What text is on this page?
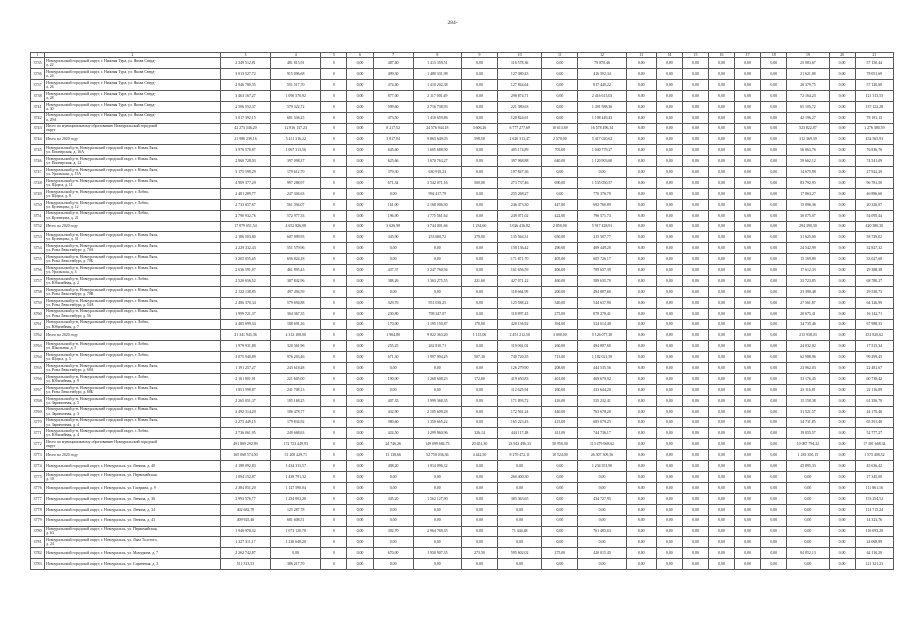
284-
1	2	3	4	5	6	7	8	9	10	11	12	13	14	15	16	17	18	19	20	21
3735	Новоуральский городской округ, г. Нижняя Тура, ул. Якова Сверд-
а, 22	2 349 512,81	481 815,91	0	0,00	487,40	1 413 359,51	0,00	116 578,36	0,00	79 870,46	0,00	0,00	0,00	0,00	0,00	0,00	25 083,67	0,00	57 150,44
3736	Новоуральский городской округ, г. Нижняя Тура, ул. Якова Сверд-
а, 24	3 013 527,72	915 096,68	0	0,00	499,30	1 480 331,98	0,00	127 380,43	0,00	416 502,34	0,00	0,00	0,00	0,00	0,00	0,00	21 621,80	0,00	78 051,69
3737	Новоуральский городской округ, г. Нижняя Тура, ул. Якова Сверд-
а, 26	2 946 780,35	551 517,70	0	0,00	474,40	1 410 202,38	0,00	127 844,64	0,00	817 440,22	0,00	0,00	0,00	0,00	0,00	0,00	26 379,75	0,00	57 120,60
3738	Новоуральский городской округ, г. Нижняя Тура, ул. Якова Сверд-
а, 28	3 463 167,27	1 090 570,92	0	0,00	877,00	2 117 001,49	0,00	298 874,71	0,00	2 416 615,03	0,00	0,00	0,00	0,00	0,00	0,00	72 164,23	0,00	121 315,55
3741	Новоуральский городской округ, г. Нижняя Тура, ул. Якова Сверд-
а, 30	2 506 552,37	579 322,72	0	0,00	599,60	2 716 738,93	0,00	221 380,63	0,00	1 491 588,36	0,00	0,00	0,00	0,00	0,00	0,00	65 105,72	0,00	137 122,28
3742	Новоуральский городской округ, г. Нижняя Тура, ул. Якова Сверд-
а, 29А	3 017 392,15	601 336,25	0	0,00	473,50	1 410 659,86	0,00	120 824,61	0,00	1 108 449,43	0,00	0,00	0,00	0,00	0,00	0,00	42 196,27	0,00	78 181,15
3743	Итого по муниципальному образованию Новоуральский городской
округ	42 273 546,20	12 816 137,23	0	0,00	8 217,52	24 576 944,18	3 606,26	6 777 277,69	10 613,69	16 578 496,34	0,00	0,00	0,00	0,00	0,00	0,00	523 822,87	0,00	1 276 380,59
3744	Итого по 2020 году	21 986 239,16	5 411 316,22	0	0,00	3 817,04	9 863 649,03	598,50	2 620 313,47	2 570,00	5 417 020,62	0,00	0,00	0,00	0,00	0,00	0,00	312 369,39	0,00	434 565,93
3745	Новоуральский р-н, Новоуральский городской округ, г. Новая Ляля,
ул. Пионерская, д. 16А	3 976 578,87	1 067 313,56	0	0,00	645,60	1 605 688,90	0,00	405 174,89	705,00	1 040 779,27	0,00	0,00	0,00	0,00	0,00	0,00	56 063,76	0,00	76 836,76
3746	Новоуральский р-н, Новоуральский городской округ, г. Новая Ляля,
ул. Пионерская, д. 12	2 860 728,03	397 098,37	0	0,00	625,66	1 670 763,27	0,00	397 968,88	640,00	1 120 903,60	0,00	0,00	0,00	0,00	0,00	0,00	59 662,12	0,00	74 541,09
3747	Новоуральский р-н, Новоуральский городской округ, г. Новая Ляля,
ул. Уральская, д. 15А	3 175 599,29	179 612,70	0	0,00	379,30	630 910,23	0,00	197 847,36	0,00	0,00	0,00	0,00	0,00	0,00	0,00	0,00	14 675,98	0,00	27 922,29
3748	Новоуральский р-н, Новоуральский городской округ, г. Новая Ляля,
ул. Щорса, д. 11	4 909 377,29	997 288,97	0	0,00	671,34	3 542 071,16	500,00	273 737,46	690,00	1 535 050,57	0,00	0,00	0,00	0,00	0,00	0,00	83 792,95	0,00	96 781,50
3749	Новоуральский р-н, Новоуральский городской округ, г. Лобва,
ул. Щорса, д. 9	2 481 289,77	247 304,63	0	0,00	0,00	994 417,79	0,00	255 268,27	0,00	770 376,70	0,00	0,00	0,00	0,00	0,00	0,00	17 863,27	0,00	46 886,60
3750	Новоуральский р-н, Новоуральский городской округ, г. Лобва,
ул. Кузнецова, д. 12	2 733 657,67	561 394,07	0	0,00	161,00	2 168 006,30	0,00	246 473,30	447,00	692 760,89	0,00	0,00	0,00	0,00	0,00	0,00	15 096,36	0,00	20 326,07
3751	Новоуральский р-н, Новоуральский городской округ, г. Лобва,
ул. Кузнецова, д. 21	2 790 932,76	572 977,33	0	0,00	196,90	1 775 561,64	0,00	249 071,02	422,00	796 571,74	0,00	0,00	0,00	0,00	0,00	0,00	30 075,07	0,00	54 095,44
3752	Итого по 2020 году	17 879 651,54	4 652 826,08	0	0,00	3 626,98	3 744 001,66	1 234,60	3 026 416,82	2 850,00	5 917 428,91	0,00	0,00	0,00	0,00	0,00	0,00	294 390,30	0,00	420 380,30
3753	Новоуральский р-н, Новоуральский городской округ, г. Новая Ляля,
ул. Кузнецова, д. 31	2 186 503,80	607 999,93	0	0,00	345,90	253 600,72	379,00	135 564,31	650,00	215 507,77	0,00	0,00	0,00	0,00	0,00	0,00	31 625,00	0,00	58 729,02
3754	Новоуральский р-н, Новоуральский городской округ, г. Новая Ляля,
ул. Розы Люксембург, д. 70А	2 229 332,43	551 579,96	0	0,00	0,00	0,00	0,00	158 136,42	290,00	469 449,20	0,00	0,00	0,00	0,00	0,00	0,00	24 542,99	0,00	32 827,32
3755	Новоуральский р-н, Новоуральский городской округ, г. Новая Ляля,
ул. Розы Люксембург, д. 70Б	3 205 055,65	656 824,18	0	0,00	0,00	0,00	0,00	171 871,70	405,00	605 726,17	0,00	0,00	0,00	0,00	0,00	0,00	15 169,80	0,00	33 027,68
3756	Новоуральский р-н, Новоуральский городской округ, г. Новая Ляля,
ул. Уральская, д. 3	2 636 591,97	461 895,43	0	0,00	437,37	3 247 760,94	0,00	161 656,59	406,00	789 657,39	0,00	0,00	0,00	0,00	0,00	0,00	17 612,33	0,00	29 388,38
3757	Новоуральский р-н, Новоуральский городской округ, г. Лобва,
ул. Юбилейная, д. 2	2 526 656,52	387 842,96	0	0,00	388,26	1 363 275,55	221,60	427 071,22	460,00	589 635,70	0,00	0,00	0,00	0,00	0,00	0,00	33 723,85	0,00	68 780,27
3758	Новоуральский р-н, Новоуральский городской округ, г. Новая Ляля,
ул. Розы Люксембург, д. 70В	2 122 138,85	497 494,59	0	0,00	0,00	0,00	0,00	118 664,99	200,00	494 887,60	0,00	0,00	0,00	0,00	0,00	0,00	23 398,48	0,00	29 530,73
3759	Новоуральский р-н, Новоуральский городской округ, г. Новая Ляля,
ул. Розы Люксембург, д. 54А	2 406 370,34	579 694,88	0	0,00	329,76	951 038,25	0,00	125 588,22	340,00	544 637,90	0,00	0,00	0,00	0,00	0,00	0,00	27 561,87	0,00	64 126,99
3760	Новоуральский р-н, Новоуральский городской округ, г. Новая Ляля,
ул. Розы Люксембург, д. 56	1 999 721,37	304 367,35	0	0,00	230,80	798 247,07	0,00	118 897,45	275,00	878 278,41	0,00	0,00	0,00	0,00	0,00	0,00	20 675,41	0,00	16 142,71
3761	Новоуральский р-н, Новоуральский городской округ, г. Лобва,
ул. Юбилейная, д. 7	2 485 699,34	188 691,26	0	0,00	170,00	1 195 150,87	170,00	420 136,92	394,00	524 014,48	0,00	0,00	0,00	0,00	0,00	0,00	34 735,46	0,00	67 988,33
3762	Итого по 2020 году	21 341 945,36	4 312 108,00	0	0,00	1 964,80	9 822 363,20	1 115,06	2 451 212,50	3 000,00	5 126 077,30	0,00	0,00	0,00	0,00	0,00	0,00	213 938,03	0,00	431 820,62
3763	Новоуральский р-н, Новоуральский городской округ, г. Лобва,
ул. Школьная, д. 5	1 979 931,80	320 361,96	0	0,00	255,25	262 810,71	0,00	119 061,02	260,00	494 887,60	0,00	0,00	0,00	0,00	0,00	0,00	24 032,02	0,00	17 515,34
3764	Новоуральский р-н, Новоуральский городской округ, г. Лобва,
ул. Щорса, д. 5	3 075 940,89	976 203,46	0	0,00	671,30	1 997 994,25	507,30	740 720,35	713,00	1 182 021,59	0,00	0,00	0,00	0,00	0,00	0,00	62 988,96	0,00	99 299,45
3765	Новоуральский р-н, Новоуральский городской округ, г. Новая Ляля,
ул. Розы Люксембург, д. 68А	1 191 257,27	243 618,48	0	0,00	0,00	0,00	0,00	126 279,90	208,00	444 535,56	0,00	0,00	0,00	0,00	0,00	0,00	23 962,03	0,00	22 481,67
3766	Новоуральский р-н, Новоуральский городской округ, г. Лобва,
ул. Юбилейная, д. 9	2 161 001,91	221 605,00	0	0,00	190,00	1 268 608,23	172,00	419 650,83	401,00	469 670,92	0,00	0,00	0,00	0,00	0,00	0,00	33 176,45	0,00	60 738,42
3767	Новоуральский р-н, Новоуральский городской округ, г. Новая Ляля,
ул. Розы Люксембург, д. 68Б	1 851 598,87	241 708,13	0	0,00	0,00	0,00	0,00	112 625,94	260,00	433 644,20	0,00	0,00	0,00	0,00	0,00	0,00	23 116,81	0,00	22 116,89
3768	Новоуральский р-н, Новоуральский городской округ, г. Новая Ляля,
ул. Зариничная, д. 5	2 265 051,37	185 168,25	0	0,00	407,35	1 999 368,35	0,00	171 893,72	416,00	535 232,41	0,00	0,00	0,00	0,00	0,00	0,00	15 158,38	0,00	61 356,70
3769	Новоуральский р-н, Новоуральский городской округ, г. Новая Ляля,
ул. Зариничная, д. 3	2 492 314,29	186 478,77	0	0,00	432,90	2 105 609,28	0,00	172 561,24	440,00	763 678,20	0,00	0,00	0,00	0,00	0,00	0,00	31 521,57	0,00	44 170,46
3770	Новоуральский р-н, Новоуральский городской округ, г. Новая Ляля,
ул. Зариничная, д. 4	2 275 449,15	179 834,92	0	0,00	380,60	1 350 665,22	0,00	165 223,43	415,00	685 079,25	0,00	0,00	0,00	0,00	0,00	0,00	34 731,85	0,00	65 591,40
3771	Новоуральский р-н, Новоуральский городской округ, г. Лобва,
ул. Юбилейная, д. 4	2 736 061,95	249 668,63	0	0,00	424,50	1 299 860,96	326,14	444 117,48	411,00	744 736,17	0,00	0,00	0,00	0,00	0,00	0,00	19 055,57	0,00	52 777,27
3772	Итого по муниципальному образованию Новоуральский городской
округ	491 869 292,99	172 723 449,93	0	0,00	24 746,26	149 099 684,73	20 651,30	23 943 496,33	50 950,30	113 479 068,62	0,00	0,00	0,00	0,00	0,00	0,00	10 087 794,22	0,00	17 301 668,34
3773	Итого по 2020 году	165 068 574,50	51 200 229,71	0	0,00	13 138,66	52 750 036,36	4 442,50	8 270 472,11	18 524,00	26 307 309,56	0,00	0,00	0,00	0,00	0,00	0,00	1 281 350,15	0,00	1 573 408,32
3774	Новоуральский городской округ, г. Новоуральск, ул. Ленина, д. 40	4 188 092,83	1 434 313,57	0	0,00	498,20	1 814 096,32	0,00	0,00	0,00	1 234 351,90	0,00	0,00	0,00	0,00	0,00	0,00	45 895,33	0,00	45 636,42
3775	Новоуральский городской округ, г. Новоуральск, ул. Первомайская,
д. 10	1 094 152,87	1 439 791,32	0	0,00	0,00	0,00	0,00	260 400,30	0,00	0,00	0,00	0,00	0,00	0,00	0,00	0,00	0,00	0,00	27 345,00
3776	Новоуральский городской округ, г. Новоуральск, ул. Гагарина, д. 9	2 384 051,20	1 127 590,04	0	0,00	0,00	0,00	0,00	0,00	0,00	0,00	0,00	0,00	0,00	0,00	0,00	0,00	0,00	0,00	111 861,16
3777	Новоуральский городской округ, г. Новоуральск, ул. Ленина, д. 36	3 993 576,77	1 234 003,20	0	0,00	345,20	1 562 127,90	0,00	385 363,65	0,00	434 727,95	0,00	0,00	0,00	0,00	0,00	0,00	0,00	0,00	153 254,52
3778	Новоуральский городской округ, г. Новоуральск, ул. Ленина, д. 34	402 682,70	125 287,78	0	0,00	0,00	0,00	0,00	0,00	0,00	0,00	0,00	0,00	0,00	0,00	0,00	0,00	0,00	0,00	114 715,24
3779	Новоуральский городской округ, г. Новоуральск, ул. Ленина, д. 43	409 925,46	681 608,51	0	0,00	0,00	0,00	0,00	0,00	0,00	0,00	0,00	0,00	0,00	0,00	0,00	0,00	0,00	0,00	14 323,76
3780	Новоуральский городской округ, г. Новоуральск, ул. Первомайская,
д. 63	1 940 970,32	1 073 120,78	0	0,00	392,70	2 964 769,35	0,00	71 444,48	0,00	761 485,63	0,00	0,00	0,00	0,00	0,00	0,00	0,00	0,00	116 093,20
3781	Новоуральский городской округ, г. Новоуральск, ул. Льва Толстого,
д. 24	1 227 311,17	1 230 648,20	0	0,00	0,00	0,00	0,00	0,00	0,00	0,00	0,00	0,00	0,00	0,00	0,00	0,00	0,00	0,00	24 068,89
3782	Новоуральский городской округ, г. Новоуральск, ул. Мичурина, д. 7	2 262 742,87	0,00	0	0,00	670,00	1 950 907,35	273,50	595 602,02	275,00	420 015,45	0,00	0,00	0,00	0,00	0,00	0,00	84 052,13	0,00	62 116,20
3783	Новоуральский городской округ, г. Новоуральск, ул. Сиреневая, д. 3	511 313,53	386 217,70	0	0,00	0,00	0,00	0,00	0,00	0,00	0,00	0,00	0,00	0,00	0,00	0,00	0,00	0,00	0,00	121 321,23
